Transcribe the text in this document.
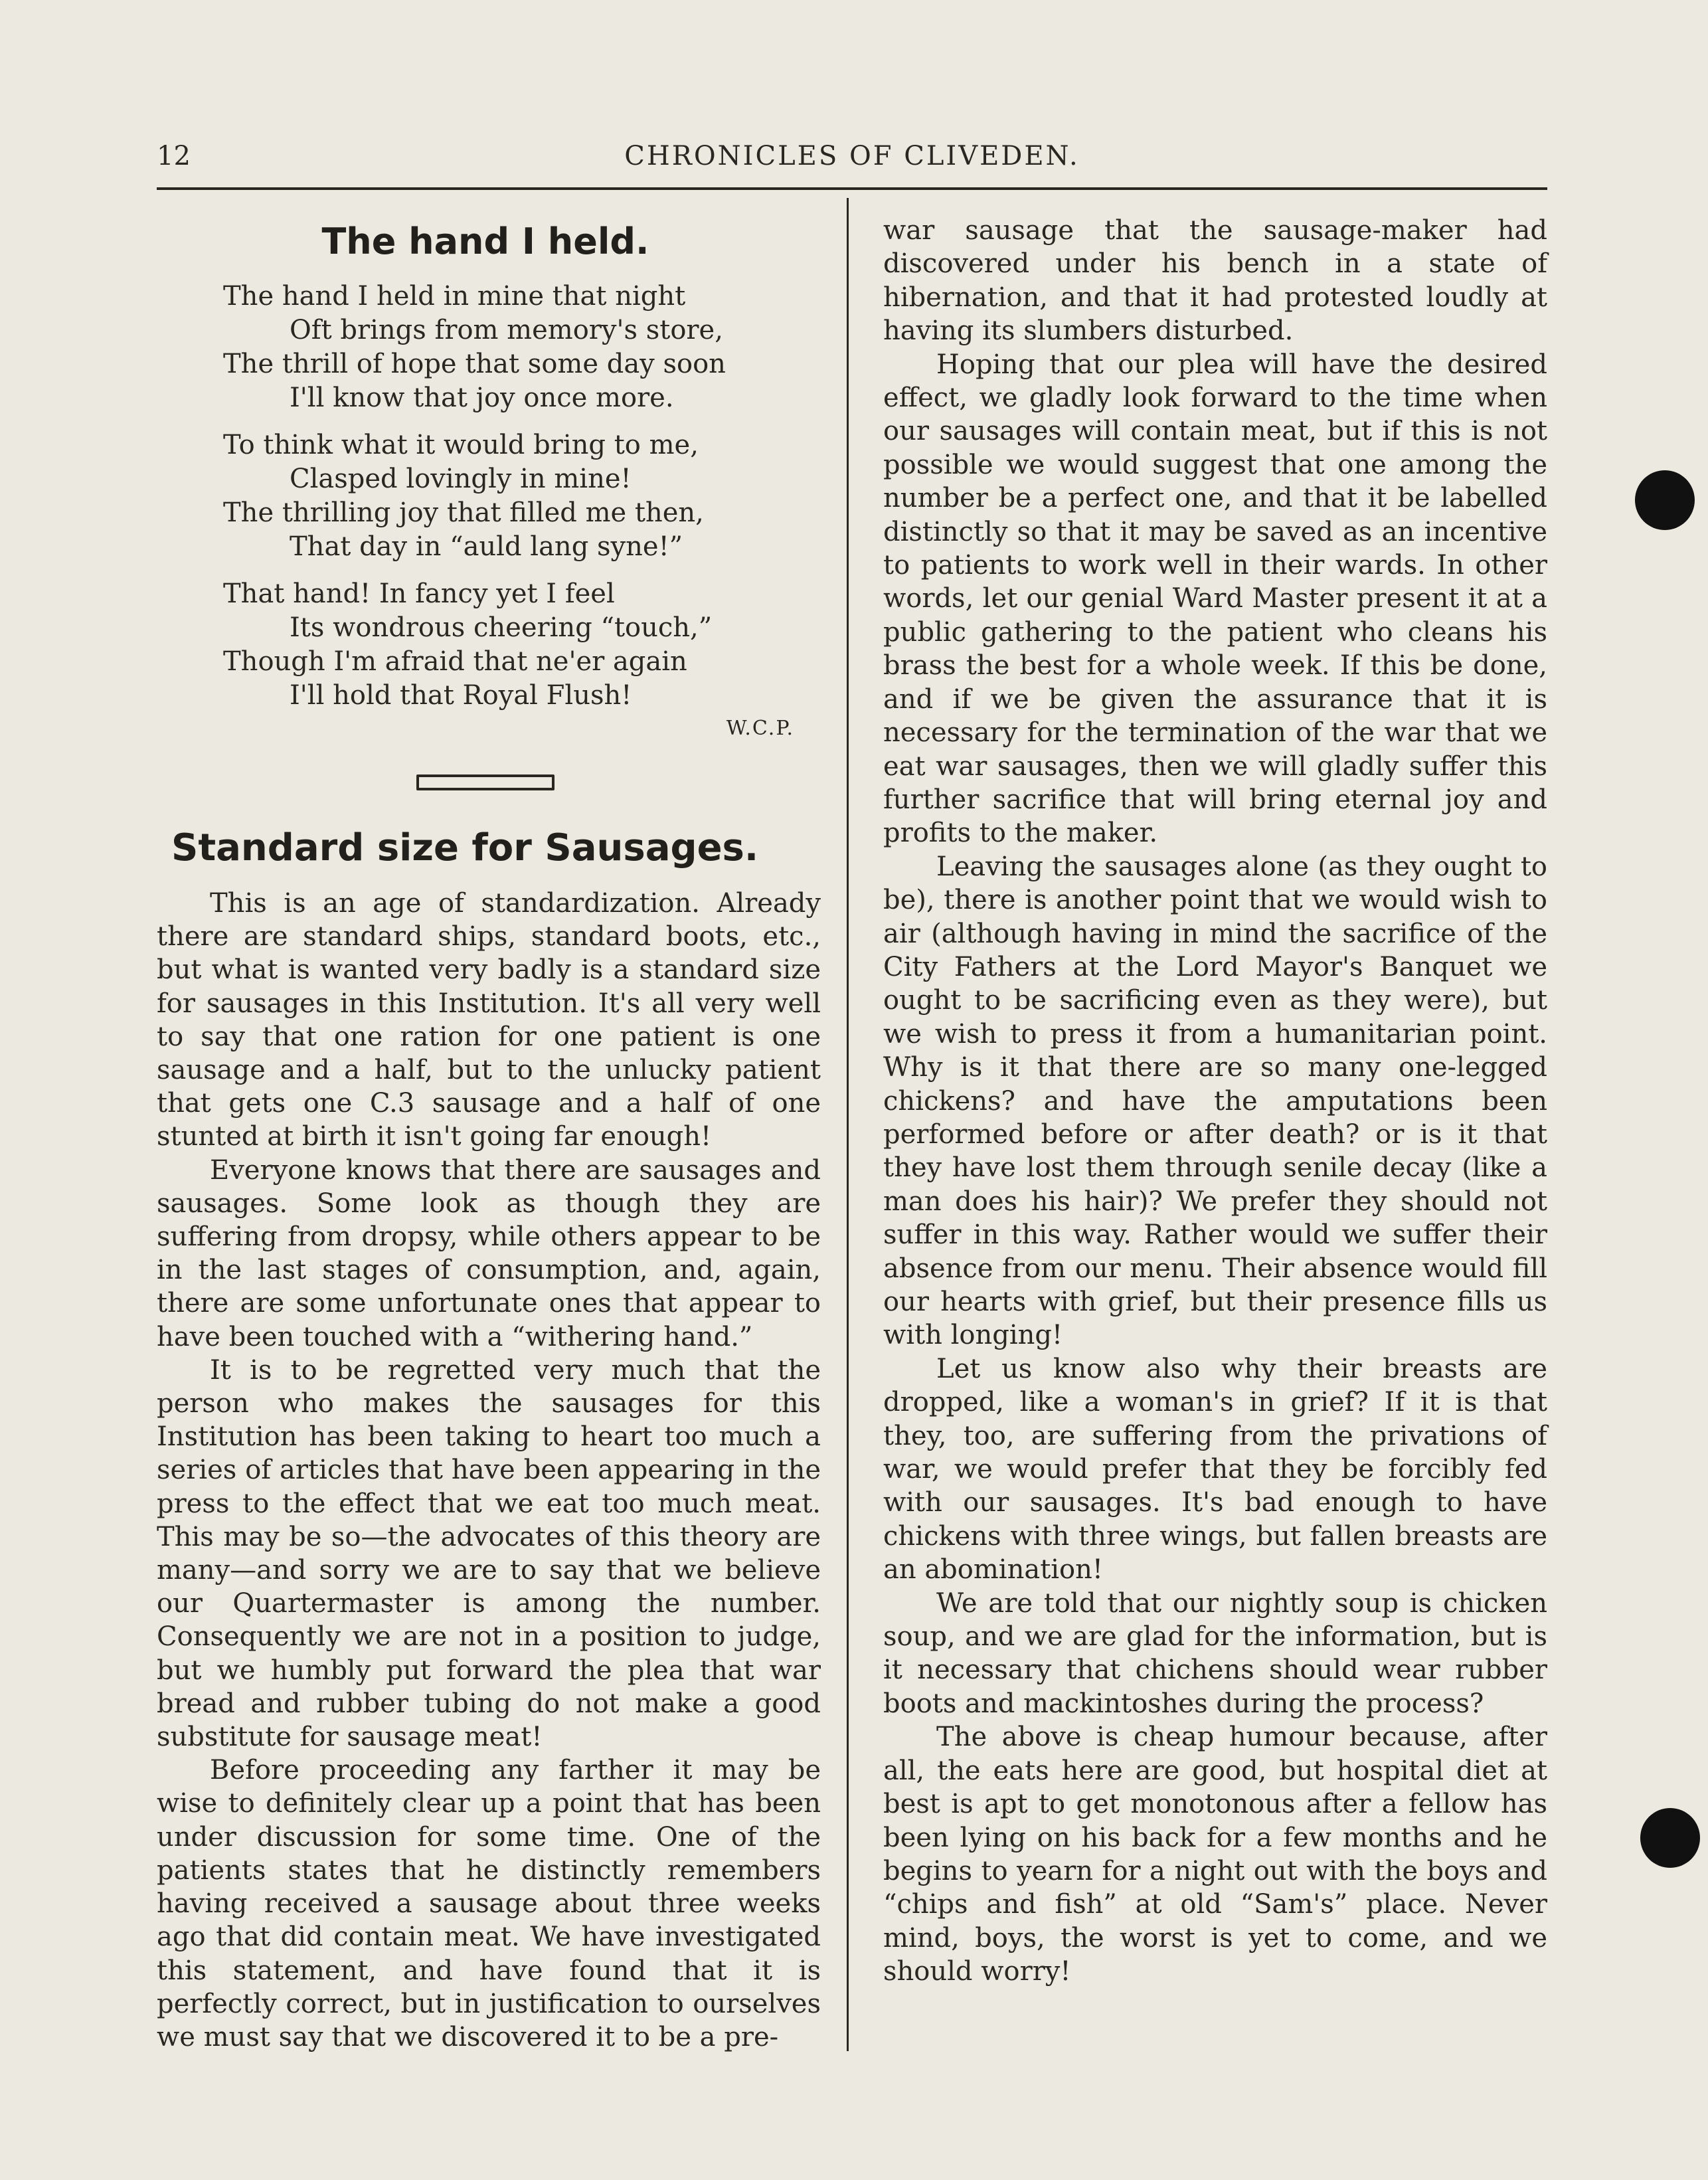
12	CHRONICLES OF CLIVEDEN.
The hand I held.
The hand I held in mine that night
Oft brings from memory's store,
The thrill of hope that some day soon
I'll know that joy once more.
To think what it would bring to me,
Clasped lovingly in mine!
The thrilling joy that filled me then,
That day in “auld lang syne!”
That hand! In fancy yet I feel
Its wondrous cheering “touch,”
Though I'm afraid that ne'er again
I'll hold that Royal Flush!
W.C.P.
Standard size for Sausages.

This is an age of standardization. Already there are standard ships, standard boots, etc., but what is wanted very badly is a standard size for sausages in this Institution. It's all very well to say that one ration for one patient is one sausage and a half, but to the unlucky patient that gets one C.3 sausage and a half of one stunted at birth it isn't going far enough!

Everyone knows that there are sausages and sausages. Some look as though they are suffering from dropsy, while others appear to be in the last stages of consumption, and, again, there are some unfortunate ones that appear to have been touched with a “withering hand.”

It is to be regretted very much that the person who makes the sausages for this Institution has been taking to heart too much a series of articles that have been appearing in the press to the effect that we eat too much meat. This may be so—the advocates of this theory are many—and sorry we are to say that we believe our Quartermaster is among the number. Consequently we are not in a position to judge, but we humbly put forward the plea that war bread and rubber tubing do not make a good substitute for sausage meat!

Before proceeding any farther it may be wise to definitely clear up a point that has been under discussion for some time. One of the patients states that he distinctly remembers having received a sausage about three weeks ago that did contain meat. We have investigated this statement, and have found that it is perfectly correct, but in justification to ourselves we must say that we discovered it to be a pre-

war sausage that the sausage-maker had discovered under his bench in a state of hibernation, and that it had protested loudly at having its slumbers disturbed.

Hoping that our plea will have the desired effect, we gladly look forward to the time when our sausages will contain meat, but if this is not possible we would suggest that one among the number be a perfect one, and that it be labelled distinctly so that it may be saved as an incentive to patients to work well in their wards. In other words, let our genial Ward Master present it at a public gathering to the patient who cleans his brass the best for a whole week. If this be done, and if we be given the assurance that it is necessary for the termination of the war that we eat war sausages, then we will gladly suffer this further sacrifice that will bring eternal joy and profits to the maker.

Leaving the sausages alone (as they ought to be), there is another point that we would wish to air (although having in mind the sacrifice of the City Fathers at the Lord Mayor's Banquet we ought to be sacrificing even as they were), but we wish to press it from a humanitarian point. Why is it that there are so many one-legged chickens? and have the amputations been performed before or after death? or is it that they have lost them through senile decay (like a man does his hair)? We prefer they should not suffer in this way. Rather would we suffer their absence from our menu. Their absence would fill our hearts with grief, but their presence fills us with longing!

Let us know also why their breasts are dropped, like a woman's in grief? If it is that they, too, are suffering from the privations of war, we would prefer that they be forcibly fed with our sausages. It's bad enough to have chickens with three wings, but fallen breasts are an abomination!

We are told that our nightly soup is chicken soup, and we are glad for the information, but is it necessary that chichens should wear rubber boots and mackintoshes during the process?

The above is cheap humour because, after all, the eats here are good, but hospital diet at best is apt to get monotonous after a fellow has been lying on his back for a few months and he begins to yearn for a night out with the boys and “chips and fish” at old “Sam's” place. Never mind, boys, the worst is yet to come, and we should worry!
